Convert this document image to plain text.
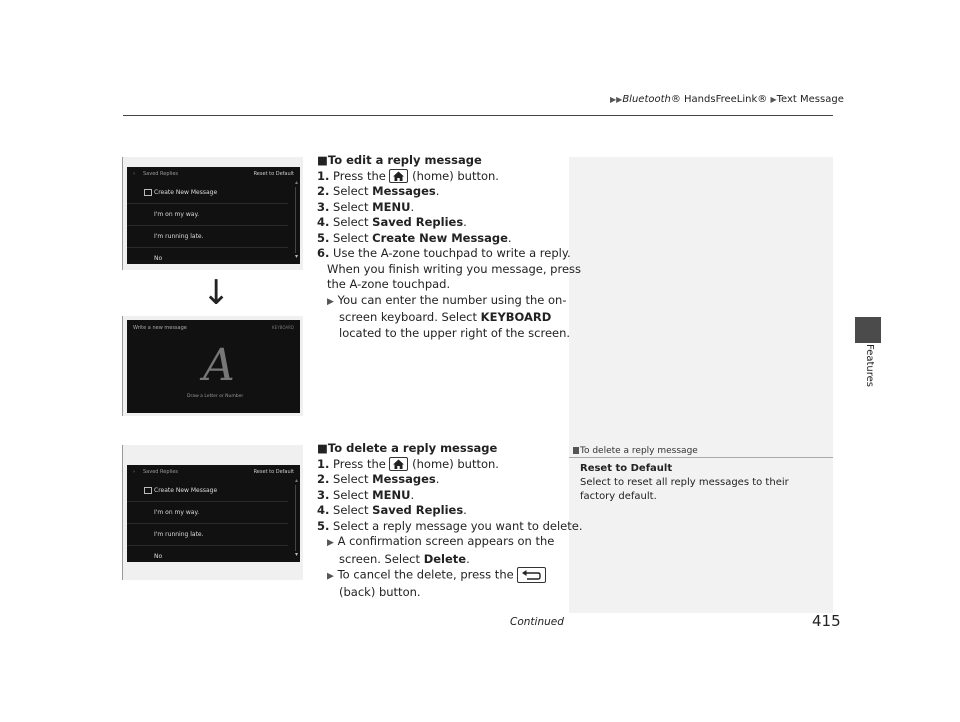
▶▶Bluetooth® HandsFreeLink® ▶Text Message
Features
› Saved Replies	Reset to Default
Create New Message
I'm on my way.
I'm running late.
No
▴
▾
↓
Write a new message	KEYBOARD
A
Draw a Letter or Number
■To edit a reply message
1. Press the (home) button.
2. Select Messages.
3. Select MENU.
4. Select Saved Replies.
5. Select Create New Message.
6. Use the A-zone touchpad to write a reply.
When you finish writing you message, press
the A-zone touchpad.
▶ You can enter the number using the on-
screen keyboard. Select KEYBOARD
located to the upper right of the screen.
› Saved Replies	Reset to Default
Create New Message
I'm on my way.
I'm running late.
No
▴
▾
■To delete a reply message
1. Press the (home) button.
2. Select Messages.
3. Select MENU.
4. Select Saved Replies.
5. Select a reply message you want to delete.
▶ A confirmation screen appears on the
screen. Select Delete.
▶ To cancel the delete, press the
(back) button.
To delete a reply message
Reset to Default
Select to reset all reply messages to their factory default.
Continued	415
